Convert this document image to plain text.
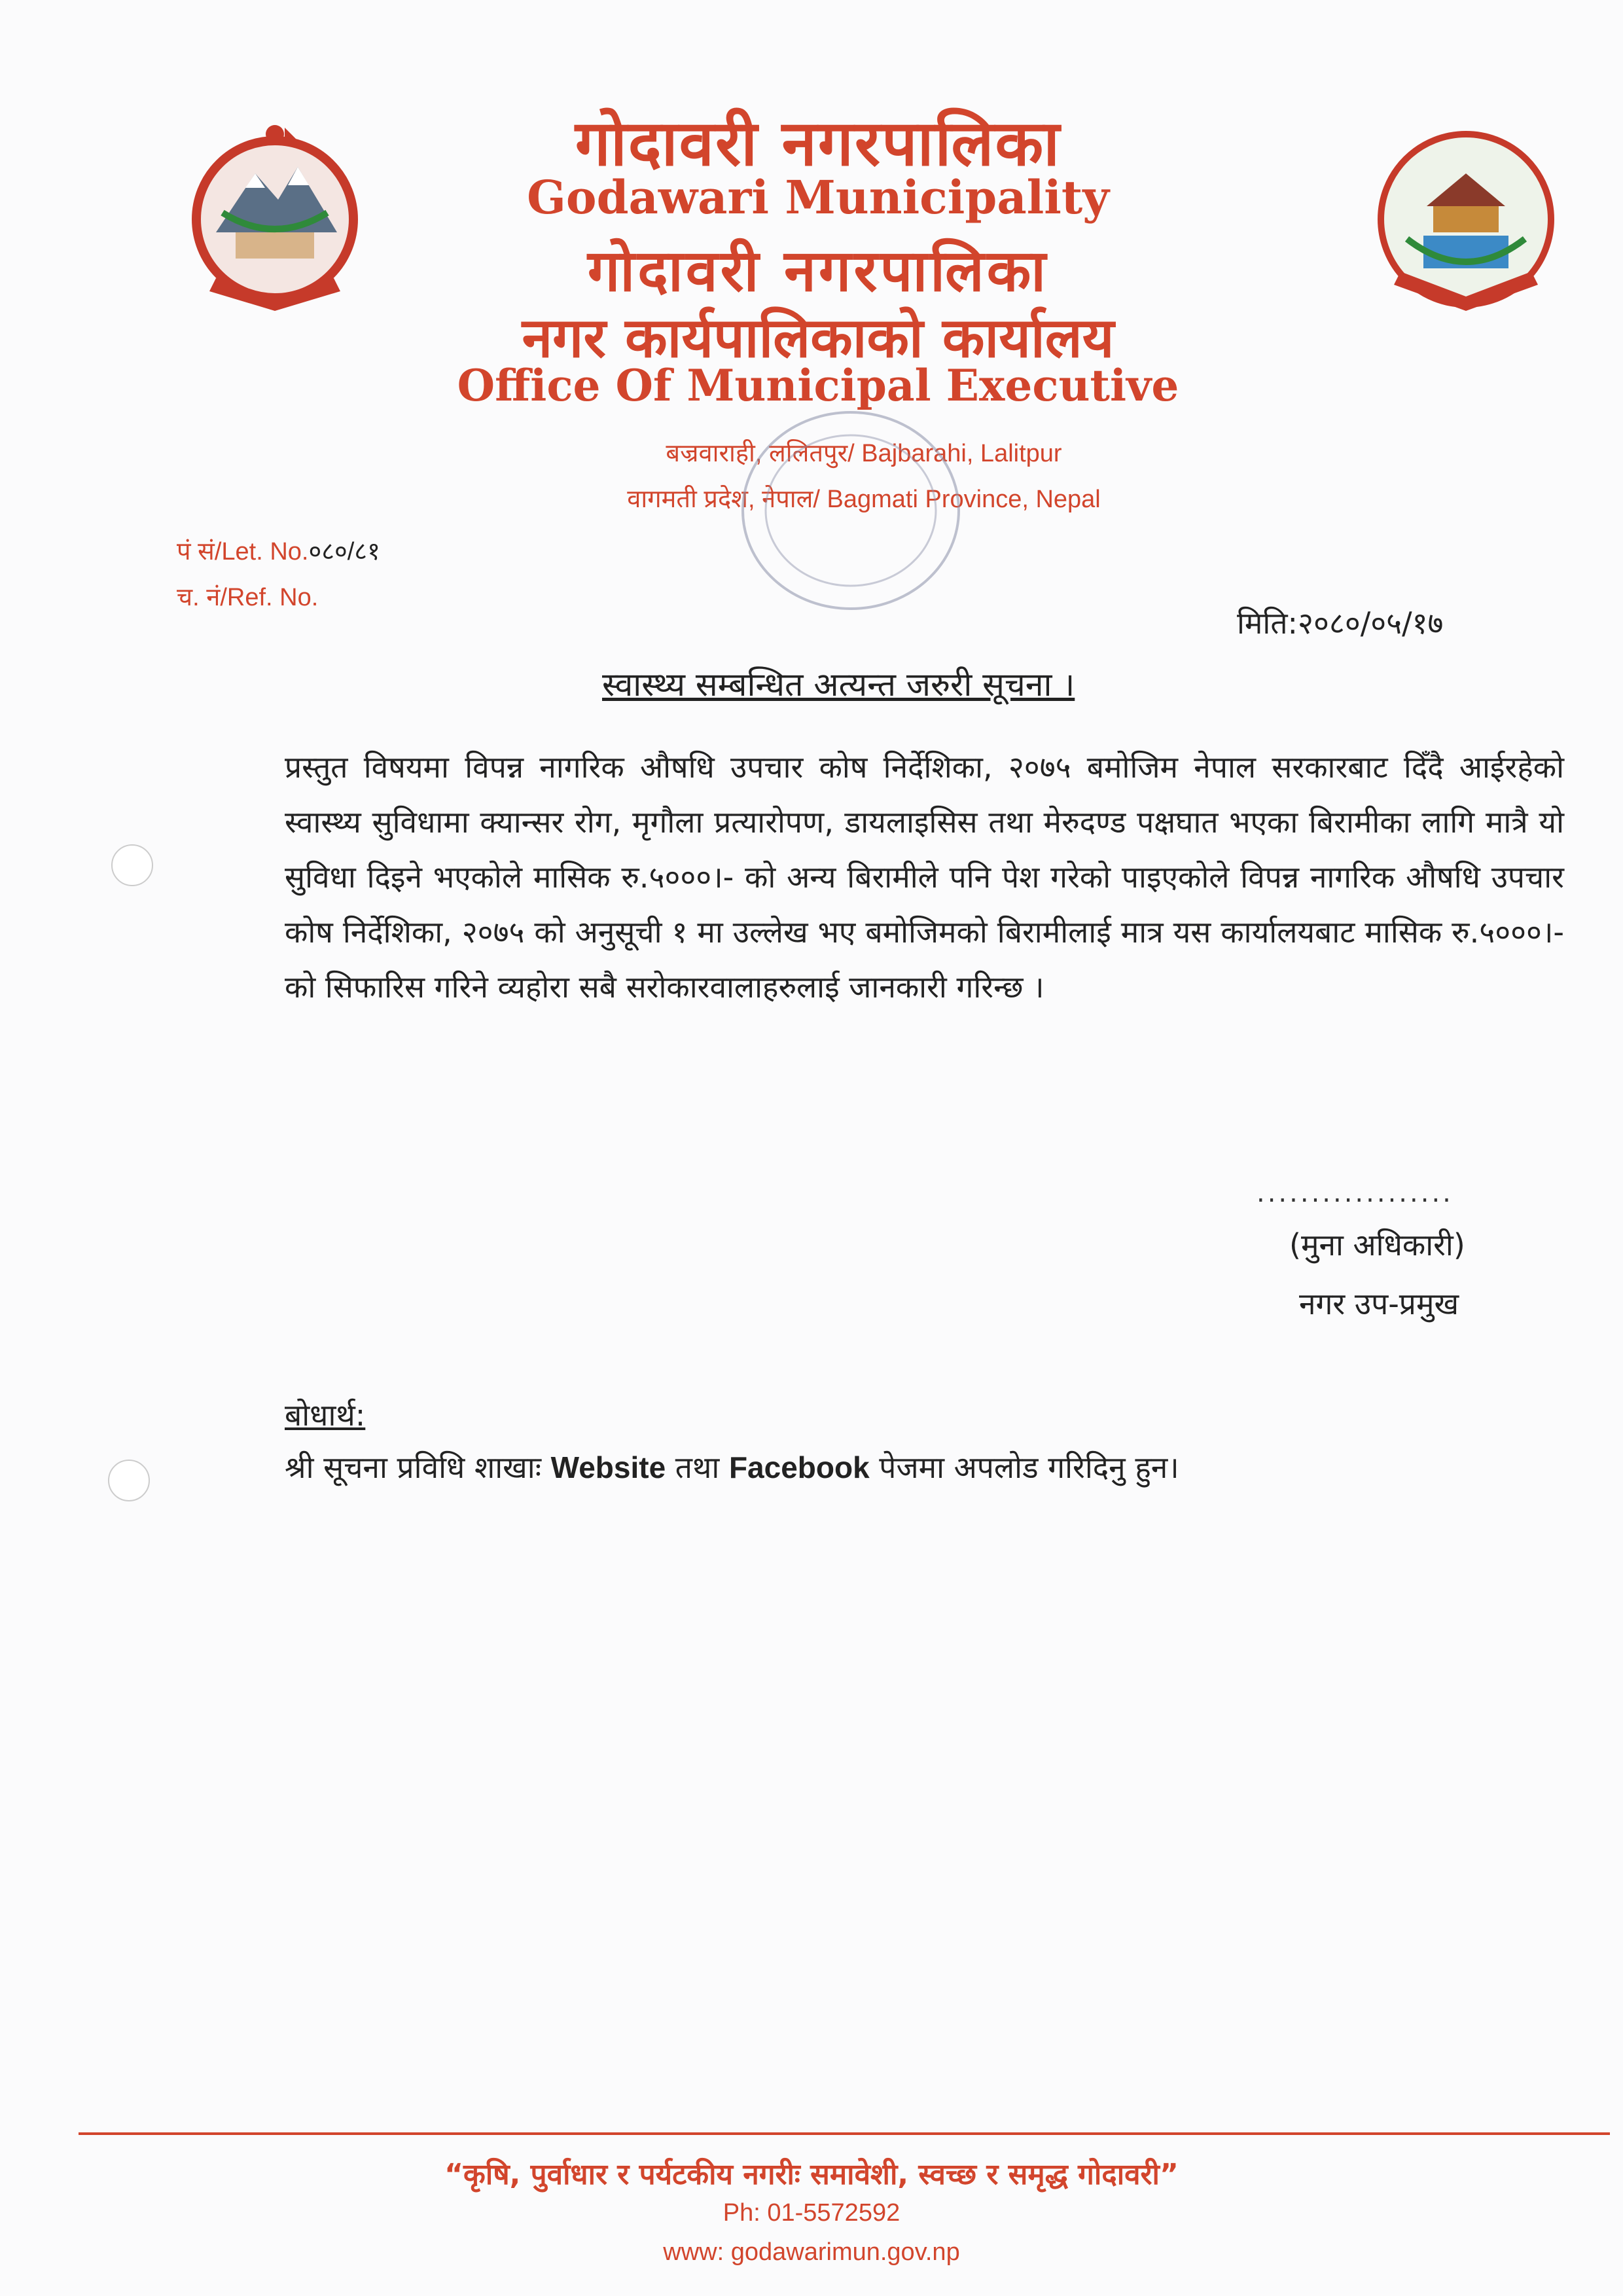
गोदावरी नगरपालिका
Godawari Municipality
गोदावरी नगरपालिका
नगर कार्यपालिकाको कार्यालय
Office Of Municipal Executive
बज्रवाराही, ललितपुर/ Bajbarahi, Lalitpur
वागमती प्रदेश, नेपाल/ Bagmati Province, Nepal
पं सं/Let. No.०८०/८१
च. नं/Ref. No.
मिति:२०८०/०५/१७
स्वास्थ्य सम्बन्धित अत्यन्त जरुरी सूचना ।
प्रस्तुत विषयमा विपन्न नागरिक औषधि उपचार कोष निर्देशिका, २०७५ बमोजिम नेपाल सरकारबाट दिँदै आईरहेको स्वास्थ्य सुविधामा क्यान्सर रोग, मृगौला प्रत्यारोपण, डायलाइसिस तथा मेरुदण्ड पक्षघात भएका बिरामीका लागि मात्रै यो सुविधा दिइने भएकोले मासिक रु.५०००।- को अन्य बिरामीले पनि पेश गरेको पाइएकोले विपन्न नागरिक औषधि उपचार कोष निर्देशिका, २०७५ को अनुसूची १ मा उल्लेख भए बमोजिमको बिरामीलाई मात्र यस कार्यालयबाट मासिक रु.५०००।- को सिफारिस गरिने व्यहोरा सबै सरोकारवालाहरुलाई जानकारी गरिन्छ ।
..................
(मुना अधिकारी)
नगर उप-प्रमुख
बोधार्थ:
श्री सूचना प्रविधि शाखाः Website तथा Facebook पेजमा अपलोड गरिदिनु हुन।
“कृषि, पुर्वाधार र पर्यटकीय नगरीः समावेशी, स्वच्छ र समृद्ध गोदावरी”
Ph: 01-5572592
www: godawarimun.gov.np
